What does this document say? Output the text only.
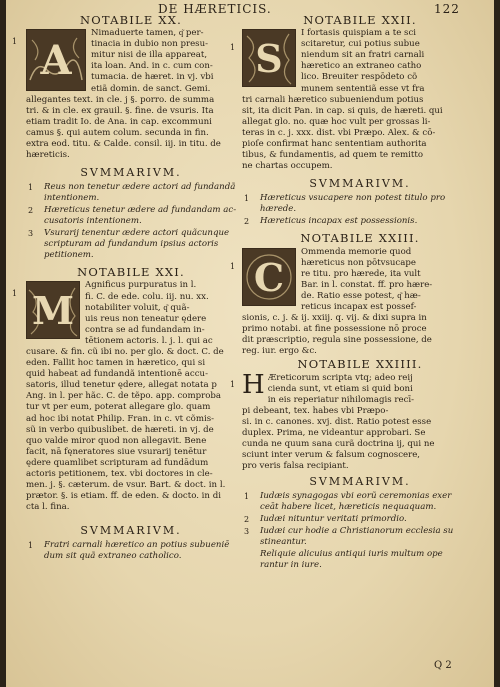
DE HÆRETICIS.	122
NOTABILE XX.
1 A
Nimaduerte tamen, q͂ per-
tinacia in dubio non presu-
mitur nisi de illa appareat,
ita loan. And. in c. cum con-
tumacia. de hæret. in vj. vbi
etiã domin. de sanct. Gemi.
allegantes text. in cle. j §. porro. de summa
tri. & in cle. ex grauil. §. fine. de vsuris. Ita
etiam tradit Io. de Ana. in cap. excommuni
camus §. qui autem colum. secunda in fin.
extra eod. titu. & Calde. consil. iij. in titu. de
hæreticis.
SVMMARIVM.
1 Reus non tenetur ædere actori ad fundandã
intentionem.
2 Hæreticus tenetur ædere ad fundandam ac-
cusatoris intentionem.
3 Vsurarij tenentur ædere actori quãcunque
scripturam ad fundandum ipsius actoris
petitionem.
NOTABILE XXI.
1 M
Agnificus purpuratus in l.
fi. C. de ede. colu. iij. nu. xx.
notabiliter voluit, q͂ quã-
uis reus non teneatur ędere
contra se ad fundandam in-
tētionem actoris. l. j. l. qui ac
cusare. & fin. cũ ibi no. per glo. & doct. C. de
eden. Fallit hoc tamen in hæretico, qui si
quid habeat ad fundandã intentionē accu-
satoris, illud tenetur ędere, allegat notata p
Ang. in l. per hãc. C. de tẽpo. app. comproba
tur vt per eum, poterat allegare glo. quam
ad hoc ibi notat Philip. Fran. in c. vt cõmis-
sũ in verbo quibuslibet. de hæreti. in vj. de
quo valde miror quod non allegavit. Bene
facit, nā fęneratores siue vsurarij tenētur
ędere quamlibet scripturam ad fundādum
actoris petitionem, tex. vbi doctores in cle-
men. j. §. cæterum. de vsur. Bart. & doct. in l.
prætor. §. is etiam. ff. de eden. & docto. in di
cta l. fina.
SVMMARIVM.
1 Fratri carnali hæretico an potius subueniē
dum sit quã extraneo catholico.
NOTABILE XXII.
1 S
I fortasis quispiam a te sci
scitaretur, cui potius subue
niendum sit an fratri carnali
hæretico an extraneo catho
lico. Breuiter respōdeto cõ
munem sententiã esse vt fra
tri carnali hæretico subueniendum potius
sit, ita dicit Pan. in cap. si quis, de hæreti. qui
allegat glo. no. quæ hoc vult per grossas li-
teras in c. j. xxx. dist. vbi Præpo. Alex. & cō-
pioſe confirmat hanc sententiam authorita
tibus, & fundamentis, ad quem te remitto
ne chartas occupem.
SVMMARIVM.
1 Hæreticus vsucapere non potest titulo pro
hærede.
2 Hæreticus incapax est possessionis.
NOTABILE XXIII.
1 C
Ommenda memorie quod
hæreticus non pōtvsucape
re titu. pro hærede, ita vult
Bar. in l. constat. ff. pro hære-
de. Ratio esse potest, q͂ hæ-
reticus incapax est possef-
sionis, c. j. & ij. xxiij. q. vij. & dixi supra in
primo notabi. at fine possessione nō proce
dit præscriptio, regula sine possessione, de
reg. iur. ergo &c.
NOTABILE XXIIII.
1 H Æreticorum scripta vtq; adeo reij
cienda sunt, vt etiam si quid boni
in eis reperiatur nihilomagis recī-
pi debeant, tex. habes vbi Præpo-
si. in c. canones. xvj. dist. Ratio potest esse
duplex. Prima, ne videantur approbari. Se
cunda ne quum sana curã doctrina ij, qui ne
sciunt inter verum & falsum cognoscere,
pro veris falsa recipiant.
SVMMARIVM.
1 Iudæis synagogas vbi eorũ ceremonias exer
ceāt habere licet, hæreticis nequaquam.
2 Iudæi nituntur veritati primordio.
3 Iudæi cur hodie a Christianorum ecclesia su
stineantur.
Reliquie alicuius antiqui iuris multum ope
rantur in iure.
Q 2
